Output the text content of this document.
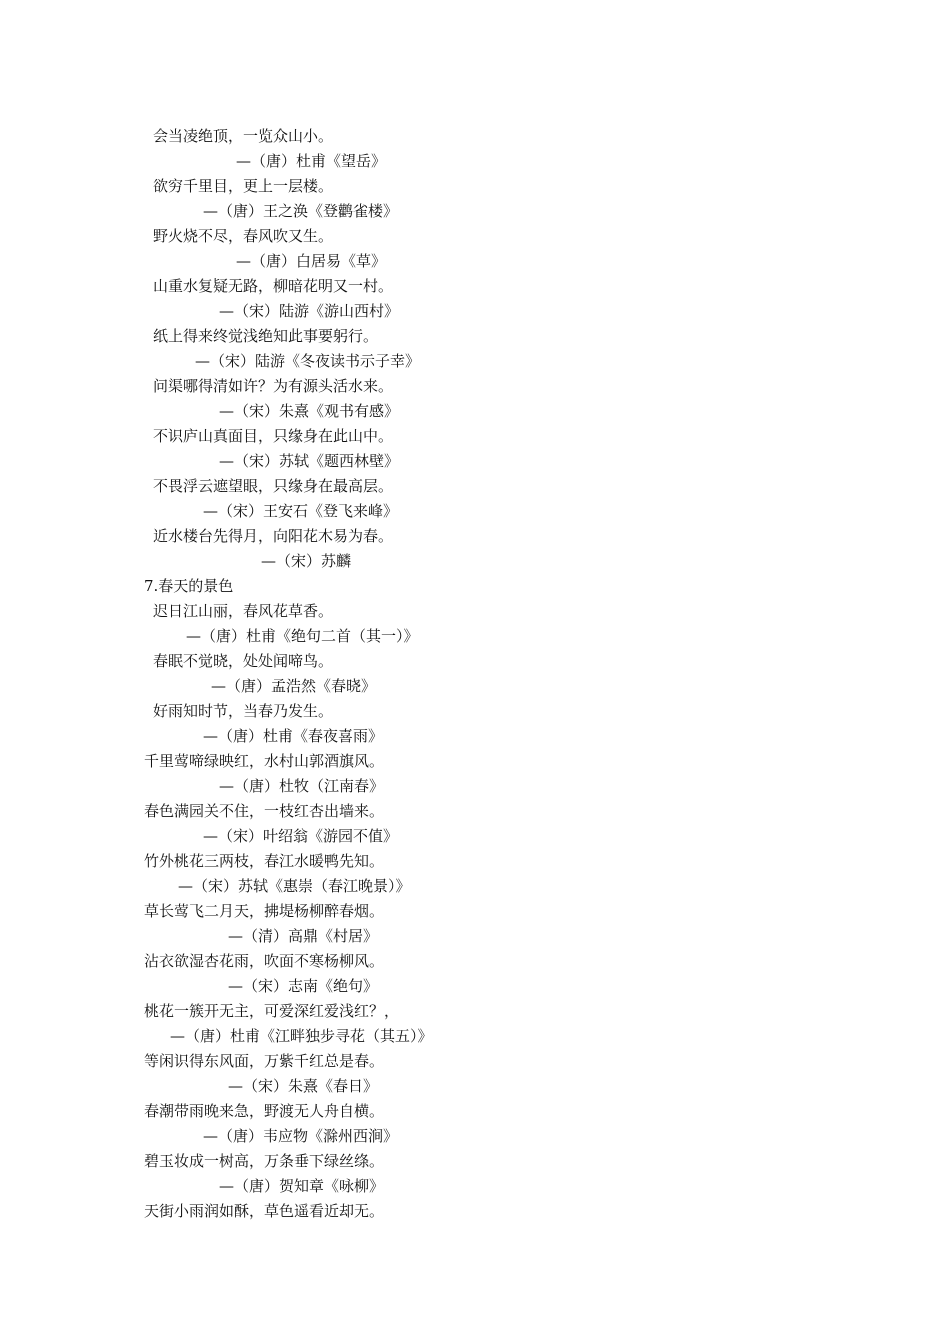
会当凌绝顶，一览众山小。
—（唐）杜甫《望岳》
欲穷千里目，更上一层楼。
—（唐）王之涣《登鹳雀楼》
野火烧不尽，春风吹又生。
—（唐）白居易《草》
山重水复疑无路，柳暗花明又一村。
—（宋）陆游《游山西村》
纸上得来终觉浅绝知此事要躬行。
—（宋）陆游《冬夜读书示子幸》
问渠哪得清如许？为有源头活水来。
—（宋）朱熹《观书有感》
不识庐山真面目，只缘身在此山中。
—（宋）苏轼《题西林壁》
不畏浮云遮望眼，只缘身在最高层。
—（宋）王安石《登飞来峰》
近水楼台先得月，向阳花木易为春。
—（宋）苏麟
7.春天的景色
迟日江山丽，春风花草香。
—（唐）杜甫《绝句二首（其一）》
春眠不觉晓，处处闻啼鸟。
—（唐）孟浩然《春晓》
好雨知时节，当春乃发生。
—（唐）杜甫《春夜喜雨》
千里莺啼绿映红，水村山郭酒旗风。
—（唐）杜牧（江南春》
春色满园关不住，一枝红杏出墙来。
—（宋）叶绍翁《游园不值》
竹外桃花三两枝，春江水暖鸭先知。
—（宋）苏轼《惠崇（春江晚景）》
草长莺飞二月天，拂堤杨柳醉春烟。
—（清）高鼎《村居》
沾衣欲湿杏花雨，吹面不寒杨柳风。
—（宋）志南《绝句》
桃花一簇开无主，可爱深红爱浅红？，
—（唐）杜甫《江畔独步寻花（其五）》
等闲识得东风面，万紫千红总是春。
—（宋）朱熹《春日》
春潮带雨晚来急，野渡无人舟自横。
—（唐）韦应物《滁州西涧》
碧玉妆成一树高，万条垂下绿丝绦。
—（唐）贺知章《咏柳》
天街小雨润如酥，草色遥看近却无。
